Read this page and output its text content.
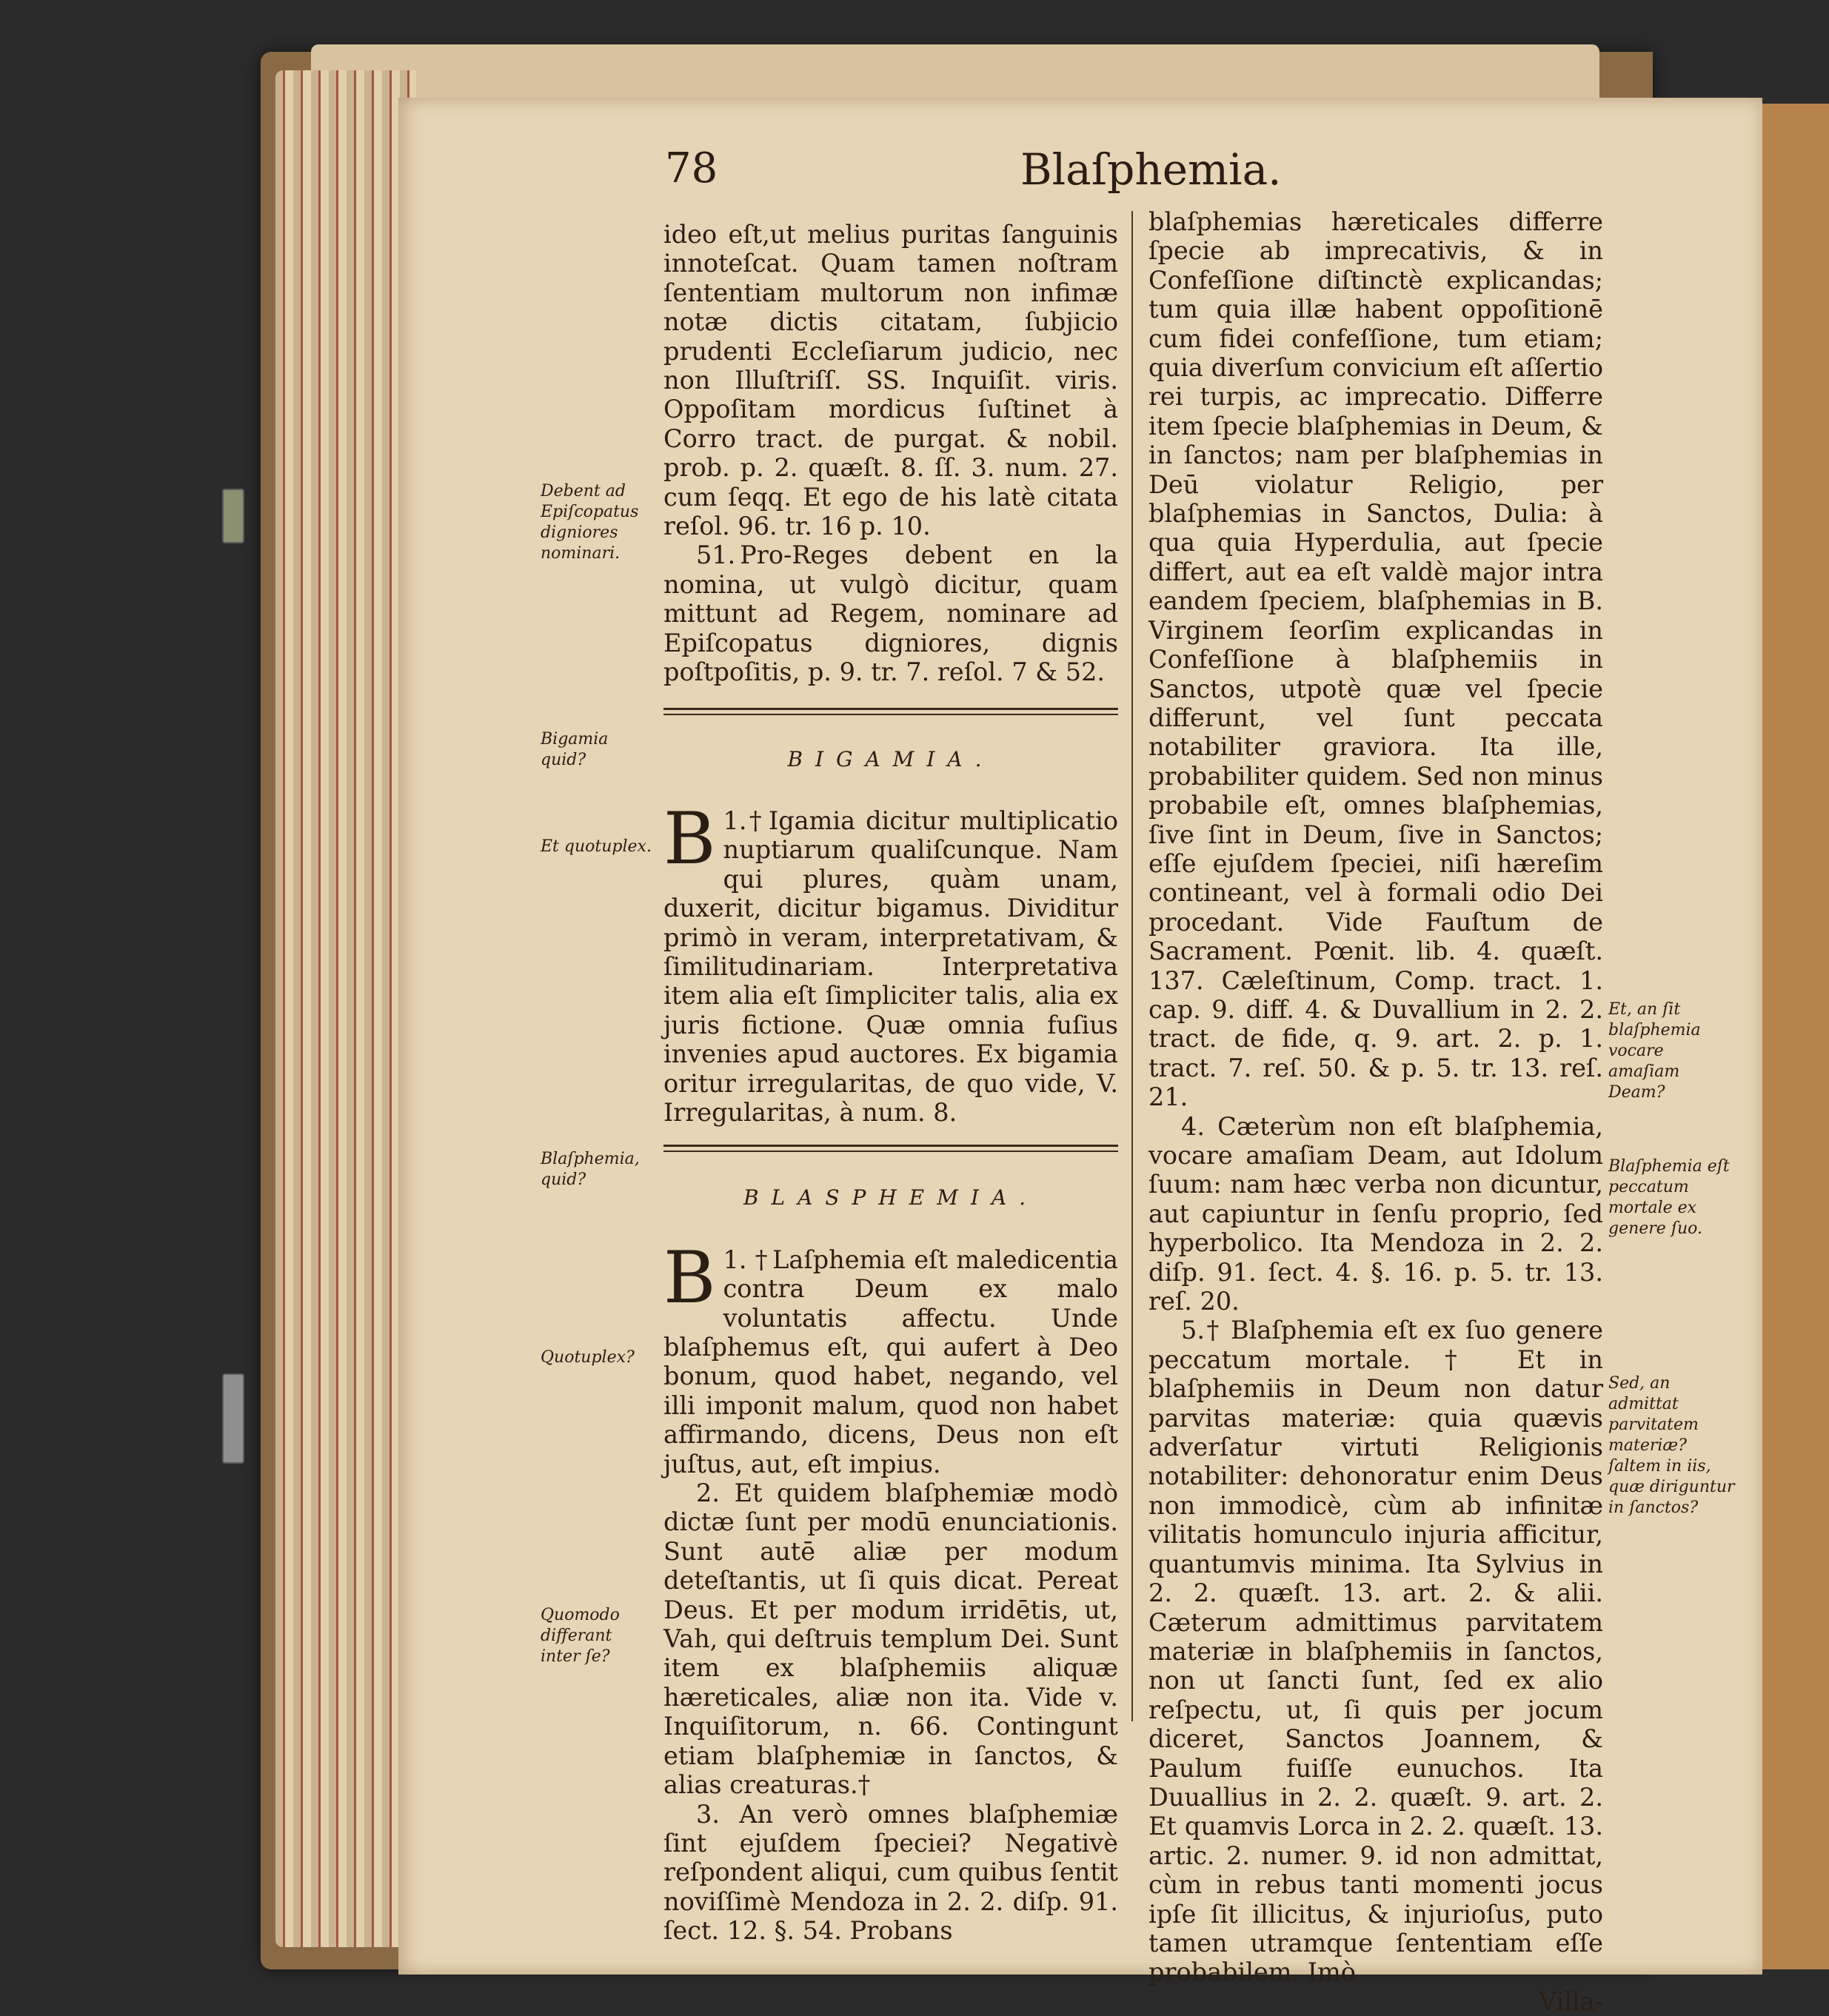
78	Blaſphemia.

ideo eſt,ut melius puritas ſanguinis innoteſcat. Quam tamen noſtram ſententiam multorum non infimæ notæ dictis citatam, ſubjicio prudenti Eccleſiarum judicio, nec non Illuſtriſſ. SS. Inquiſit. viris. Oppoſitam mordicus ſuſtinet à Corro tract. de purgat. & nobil. prob. p. 2. quæſt. 8. ſſ. 3. num. 27. cum ſeqq. Et ego de his latè citata reſol. 96. tr. 16 p. 10.

51. Pro-Reges debent en la nomina, ut vulgò dicitur, quam mittunt ad Regem, nominare ad Epiſcopatus digniores, dignis poſtpoſitis, p. 9. tr. 7. reſol. 7 & 52.

BIGAMIA.

1.†
B Igamia dicitur multiplicatio nuptiarum qualiſcunque. Nam qui plures, quàm unam, duxerit, dicitur bigamus. Dividitur primò in veram, interpretativam, & ſimilitudinariam. Interpretativa item alia eſt ſimpliciter talis, alia ex juris fictione. Quæ omnia fuſius invenies apud auctores. Ex bigamia oritur irregularitas, de quo vide, V. Irregularitas, à num. 8.

BLASPHEMIA.

1. †
B Laſphemia eſt maledicentia contra Deum ex malo voluntatis affectu. Unde blaſphemus eſt, qui aufert à Deo bonum, quod habet, negando, vel illi imponit malum, quod non habet affirmando, dicens, Deus non eſt juſtus, aut, eſt impius.

2. Et quidem blaſphemiæ modò dictæ ſunt per modū enunciationis. Sunt autē aliæ per modum deteſtantis, ut ſi quis dicat. Pereat Deus. Et per modum irridētis, ut, Vah, qui deſtruis templum Dei. Sunt item ex blaſphemiis aliquæ hæreticales, aliæ non ita. Vide v. Inquiſitorum, n. 66. Contingunt etiam blaſphemiæ in ſanctos, & alias creaturas.†

3. An verò omnes blaſphemiæ ſint ejuſdem ſpeciei? Negativè reſpondent aliqui, cum quibus ſentit noviſſimè Mendoza in 2. 2. diſp. 91. ſect. 12. §. 54. Probans

blaſphemias hæreticales differre ſpecie ab imprecativis, & in Confeſſione diſtinctè explicandas; tum quia illæ habent oppoſitionē cum fidei confeſſione, tum etiam; quia diverſum convicium eſt aſſertio rei turpis, ac imprecatio. Differre item ſpecie blaſphemias in Deum, & in ſanctos; nam per blaſphemias in Deū violatur Religio, per blaſphemias in Sanctos, Dulia: à qua quia Hyperdulia, aut ſpecie differt, aut ea eſt valdè major intra eandem ſpeciem, blaſphemias in B. Virginem ſeorſim explicandas in Confeſſione à blaſphemiis in Sanctos, utpotè quæ vel ſpecie differunt, vel ſunt peccata notabiliter graviora. Ita ille, probabiliter quidem. Sed non minus probabile eſt, omnes blaſphemias, ſive ſint in Deum, ſive in Sanctos; eſſe ejuſdem ſpeciei, niſi hæreſim contineant, vel à formali odio Dei procedant. Vide Fauſtum de Sacrament. Pœnit. lib. 4. quæſt. 137. Cæleſtinum, Comp. tract. 1. cap. 9. diff. 4. & Duvallium in 2. 2. tract. de fide, q. 9. art. 2. p. 1. tract. 7. reſ. 50. & p. 5. tr. 13. reſ. 21.

4. Cæterùm non eſt blaſphemia, vocare amaſiam Deam, aut Idolum ſuum: nam hæc verba non dicuntur, aut capiuntur in ſenſu proprio, ſed hyperbolico. Ita Mendoza in 2. 2. diſp. 91. ſect. 4. §. 16. p. 5. tr. 13. reſ. 20.

5.† Blaſphemia eſt ex ſuo genere peccatum mortale. † Et in blaſphemiis in Deum non datur parvitas materiæ: quia quævis adverſatur virtuti Religionis notabiliter: dehonoratur enim Deus non immodicè, cùm ab infinitæ vilitatis homunculo injuria afficitur, quantumvis minima. Ita Sylvius in 2. 2. quæſt. 13. art. 2. & alii. Cæterum admittimus parvitatem materiæ in blaſphemiis in ſanctos, non ut ſancti ſunt, ſed ex alio reſpectu, ut, ſi quis per jocum diceret, Sanctos Joannem, & Paulum fuiſſe eunuchos. Ita Duuallius in 2. 2. quæſt. 9. art. 2. Et quamvis Lorca in 2. 2. quæſt. 13. artic. 2. numer. 9. id non admittat, cùm in rebus tanti momenti jocus ipſe ſit illicitus, & injurioſus, puto tamen utramque ſententiam eſſe probabilem. Imò

Villa-

Debent ad Epiſcopatus digniores nominari.
Bigamia quid?
Et quotuplex.
Blaſphemia, quid?
Quotuplex?
Quomodo differant inter ſe?
Et, an ſit blaſphemia vocare amaſiam Deam?
Blaſphemia eſt peccatum mortale ex genere ſuo.
Sed, an admittat parvitatem materiæ? ſaltem in iis, quæ diriguntur in ſanctos?
